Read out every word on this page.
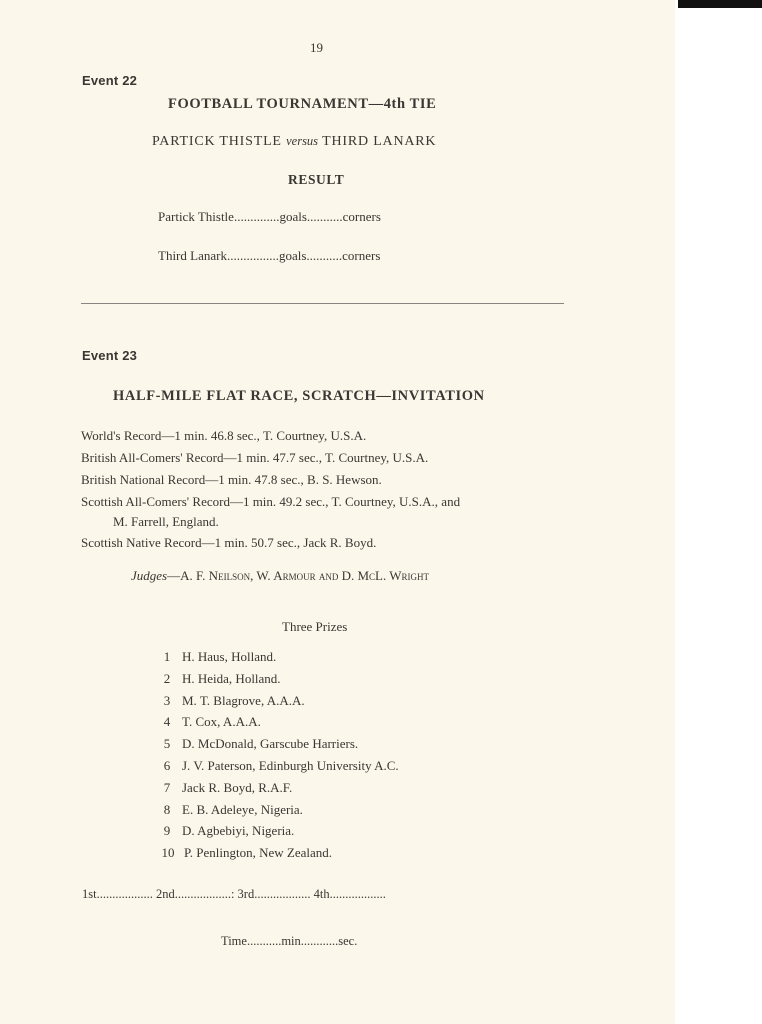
19
Event 22
FOOTBALL TOURNAMENT—4th TIE
PARTICK THISTLE versus THIRD LANARK
RESULT
Partick Thistle..............goals...........corners
Third Lanark................goals...........corners
Event 23
HALF-MILE FLAT RACE, SCRATCH—INVITATION
World's Record—1 min. 46.8 sec., T. Courtney, U.S.A.
British All-Comers' Record—1 min. 47.7 sec., T. Courtney, U.S.A.
British National Record—1 min. 47.8 sec., B. S. Hewson.
Scottish All-Comers' Record—1 min. 49.2 sec., T. Courtney, U.S.A., and
M. Farrell, England.
Scottish Native Record—1 min. 50.7 sec., Jack R. Boyd.
Judges—A. F. Neilson, W. Armour and D. McL. Wright
Three Prizes
1 H. Haus, Holland.
2 H. Heida, Holland.
3 M. T. Blagrove, A.A.A.
4 T. Cox, A.A.A.
5 D. McDonald, Garscube Harriers.
6 J. V. Paterson, Edinburgh University A.C.
7 Jack R. Boyd, R.A.F.
8 E. B. Adeleye, Nigeria.
9 D. Agbebiyi, Nigeria.
10 P. Penlington, New Zealand.
1st.................. 2nd..................: 3rd.................. 4th..................
Time...........min............sec.
